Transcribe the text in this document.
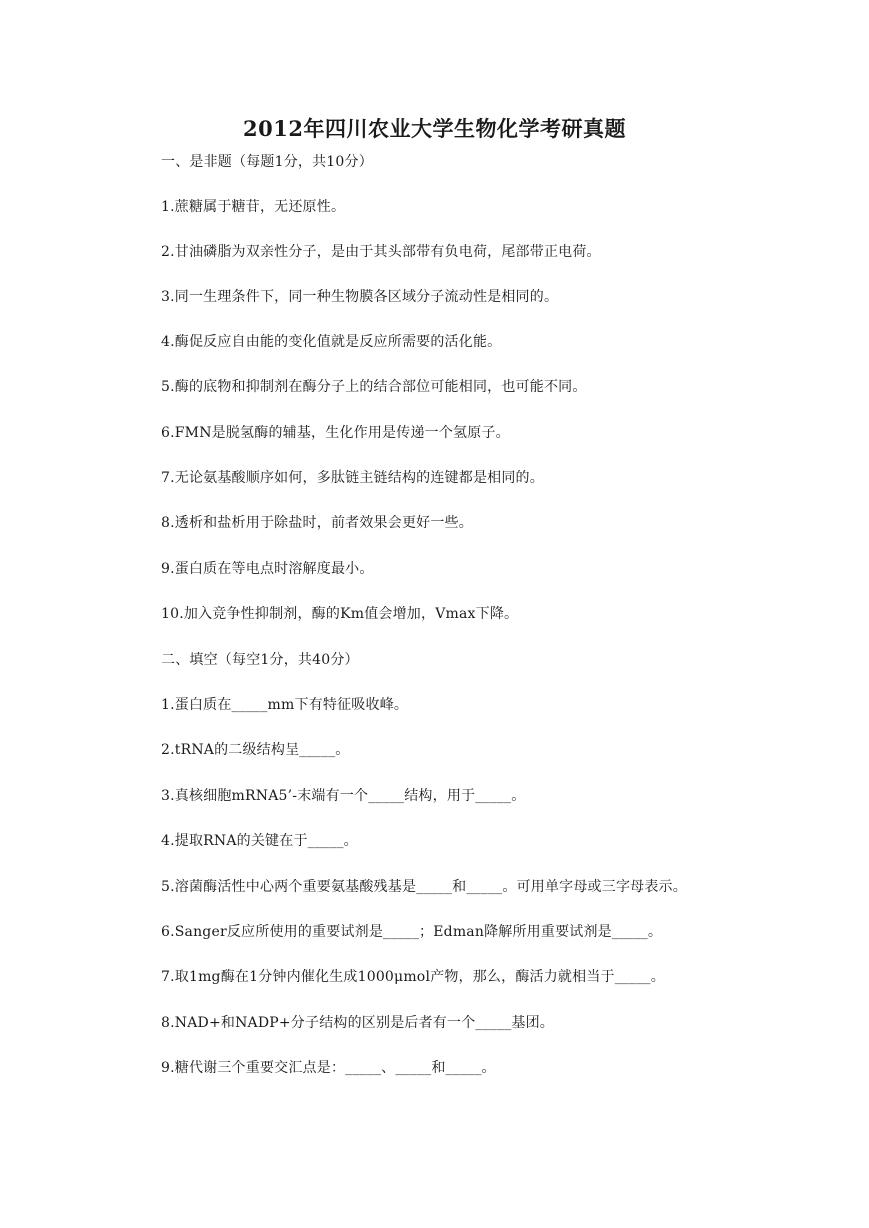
2012年四川农业大学生物化学考研真题
一、是非题（每题1分，共10分）
1.蔗糖属于糖苷，无还原性。
2.甘油磷脂为双亲性分子，是由于其头部带有负电荷，尾部带正电荷。
3.同一生理条件下，同一种生物膜各区域分子流动性是相同的。
4.酶促反应自由能的变化值就是反应所需要的活化能。
5.酶的底物和抑制剂在酶分子上的结合部位可能相同，也可能不同。
6.FMN是脱氢酶的辅基，生化作用是传递一个氢原子。
7.无论氨基酸顺序如何，多肽链主链结构的连键都是相同的。
8.透析和盐析用于除盐时，前者效果会更好一些。
9.蛋白质在等电点时溶解度最小。
10.加入竞争性抑制剂，酶的Km值会增加，Vmax下降。
二、填空（每空1分，共40分）
1.蛋白质在_____mm下有特征吸收峰。
2.tRNA的二级结构呈_____。
3.真核细胞mRNA5’-末端有一个_____结构，用于_____。
4.提取RNA的关键在于_____。
5.溶菌酶活性中心两个重要氨基酸残基是_____和_____。可用单字母或三字母表示。
6.Sanger反应所使用的重要试剂是_____；Edman降解所用重要试剂是_____。
7.取1mg酶在1分钟内催化生成1000μmol产物，那么，酶活力就相当于_____。
8.NAD+和NADP+分子结构的区别是后者有一个_____基团。
9.糖代谢三个重要交汇点是：_____、_____和_____。
